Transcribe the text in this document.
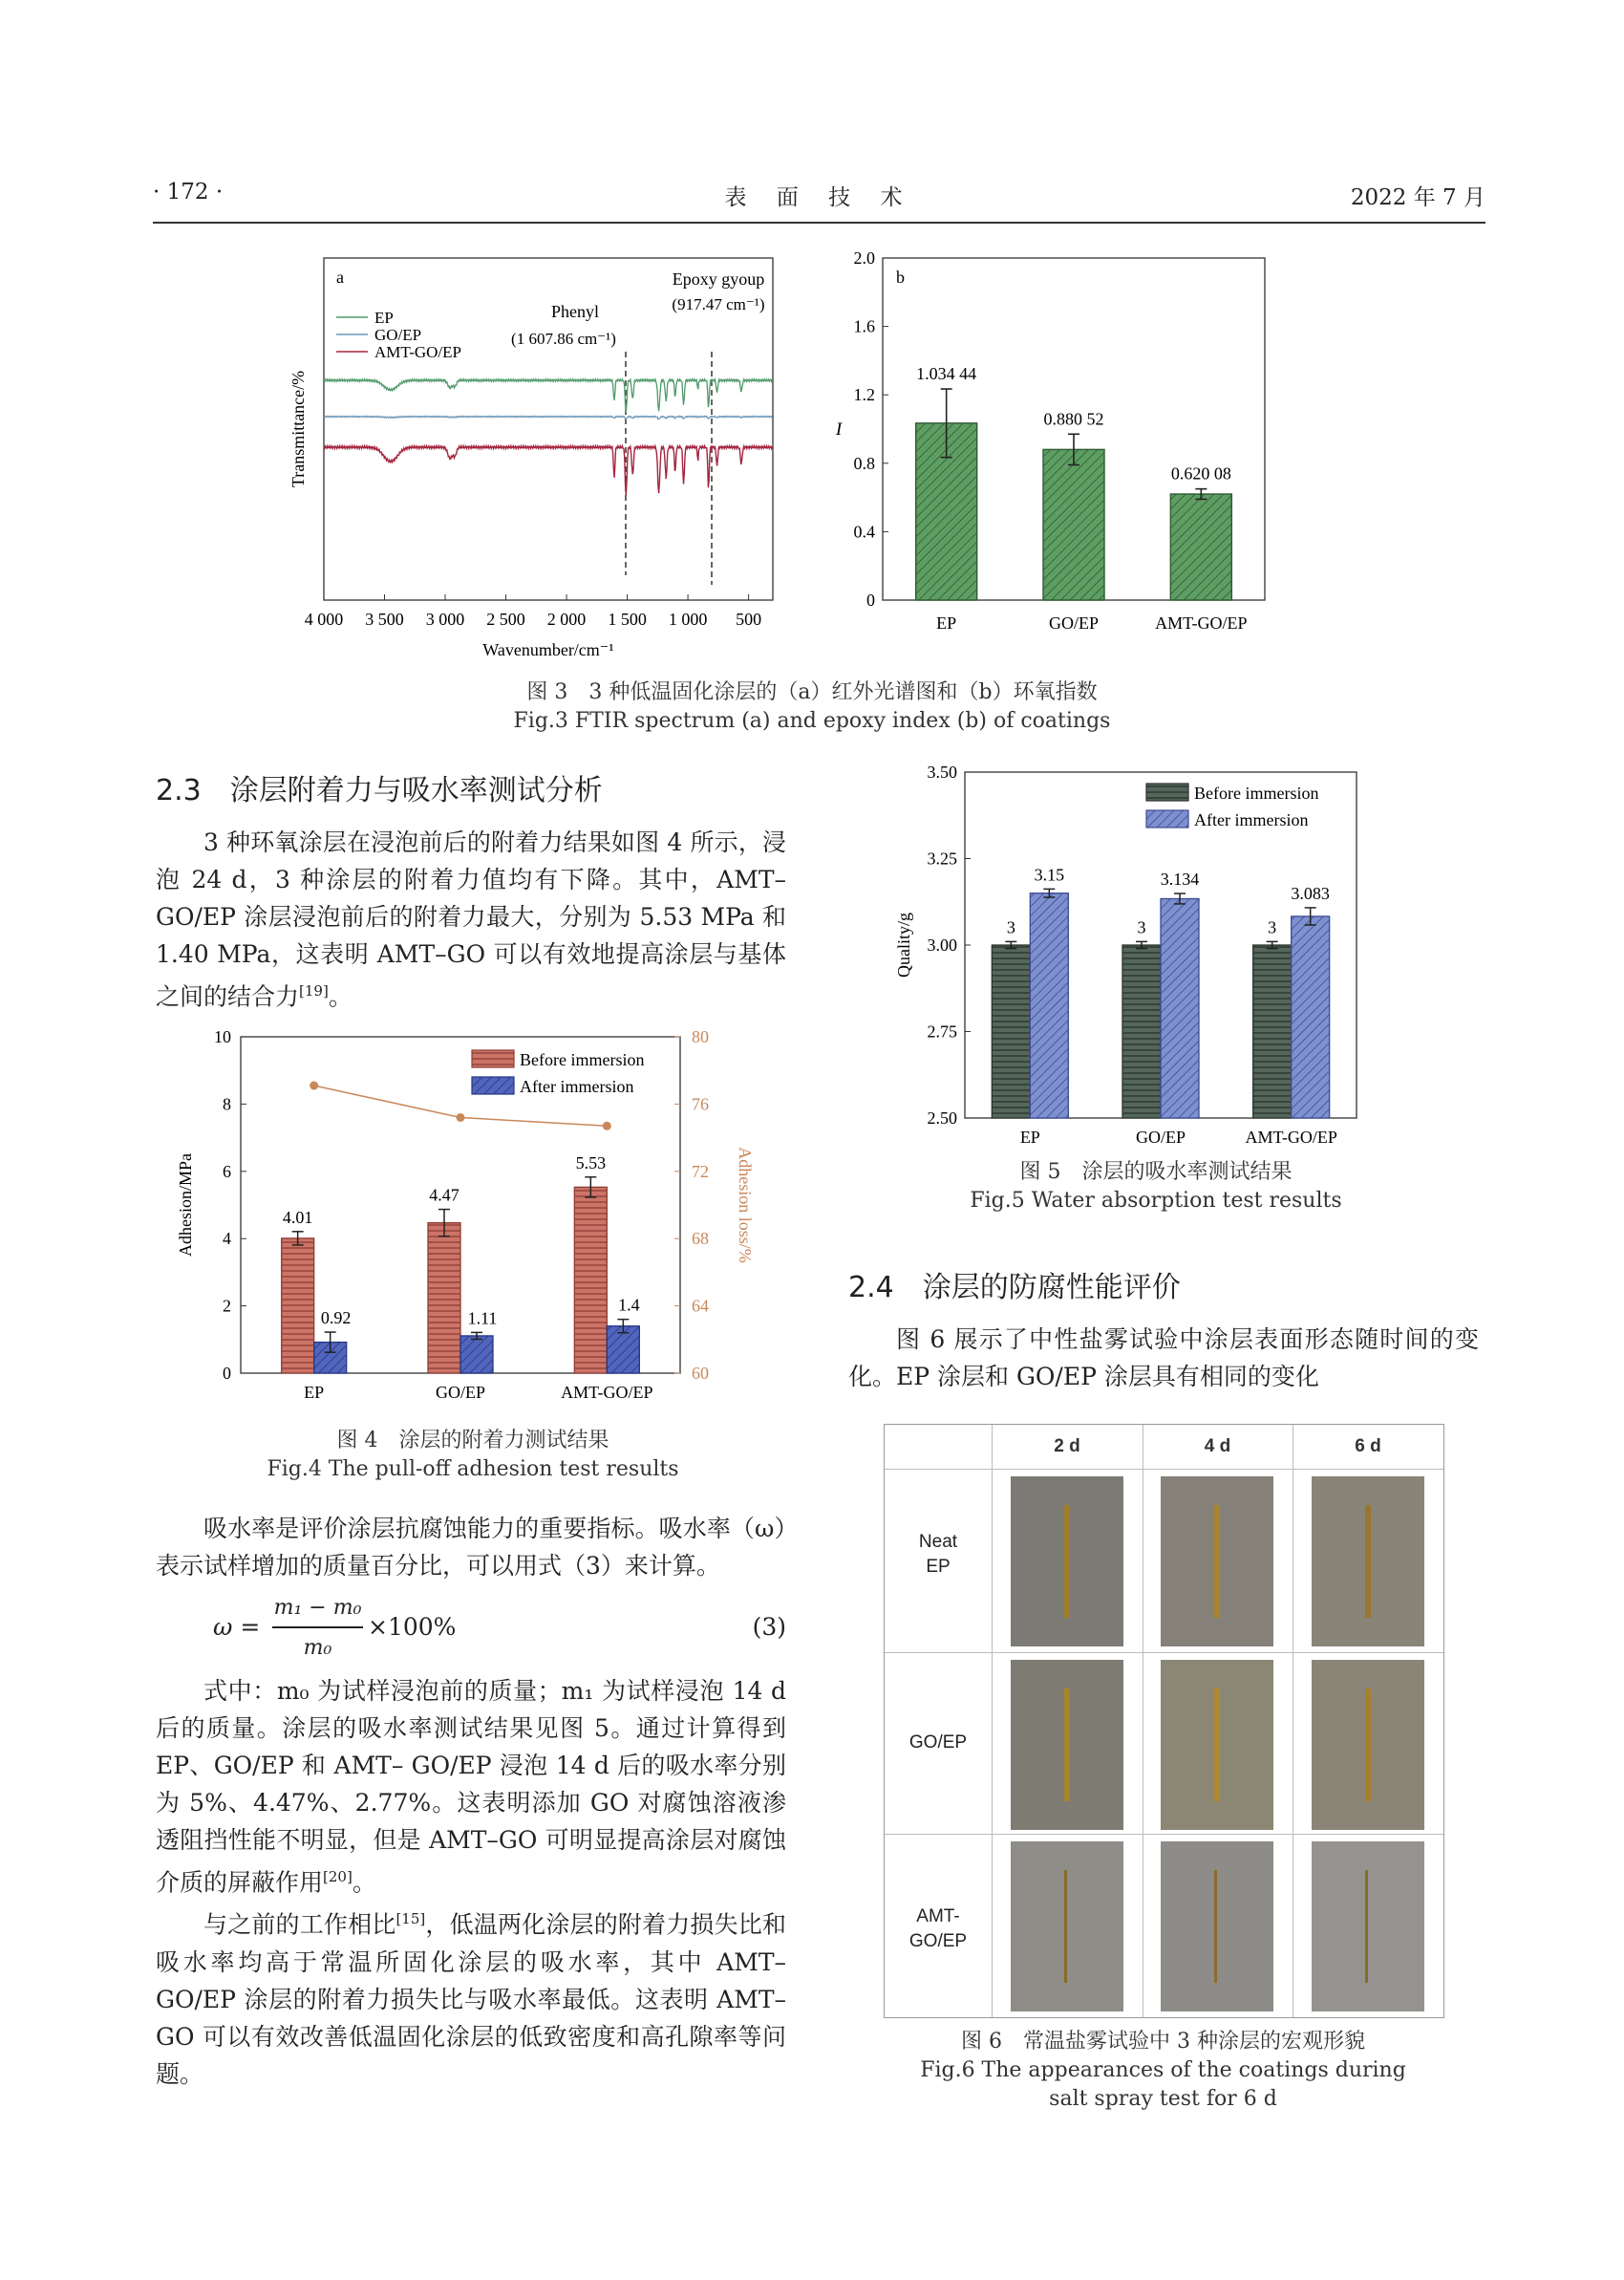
· 172 ·	表 面 技 术	2022 年 7 月
a
EP
GO/EP
AMT-GO/EP
Phenyl
(1 607.86 cm⁻¹)
Epoxy gyoup
(917.47 cm⁻¹)
4 000 3 500 3 000 2 500 2 000 1 500 1 000 500
Transmittance/%
Wavenumber/cm⁻¹
b
0
0.4
0.8
1.2
1.6
2.0
I
1.034 44
EP
0.880 52
GO/EP
0.620 08
AMT-GO/EP
图 3　3 种低温固化涂层的（a）红外光谱图和（b）环氧指数
Fig.3 FTIR spectrum (a) and epoxy index (b) of coatings
2.3　涂层附着力与吸水率测试分析

3 种环氧涂层在浸泡前后的附着力结果如图 4 所示，浸泡 24 d，3 种涂层的附着力值均有下降。其中，AMT–GO/EP 涂层浸泡前后的附着力最大，分别为 5.53 MPa 和 1.40 MPa，这表明 AMT–GO 可以有效地提高涂层与基体之间的结合力[19]。

0
2
4
6
8
10
60
64
68
72
76
80
Adhesion/MPa	Adhesion loss/%
4.01
0.92
EP
4.47
1.11
GO/EP
5.53
1.4
AMT-GO/EP
Before immersion
After immersion
图 4　涂层的附着力测试结果
Fig.4 The pull-off adhesion test results
2.50
2.75
3.00
3.25
3.50
Quality/g	3
3.15
EP
3
3.134
GO/EP
3
3.083
AMT-GO/EP
Before immersion
After immersion
图 5　涂层的吸水率测试结果
Fig.5 Water absorption test results

吸水率是评价涂层抗腐蚀能力的重要指标。吸水率（ω）表示试样增加的质量百分比，可以用式（3）来计算。

ω =
m₁ − m₀
m₀
×100%	(3)

式中：m₀ 为试样浸泡前的质量；m₁ 为试样浸泡 14 d 后的质量。涂层的吸水率测试结果见图 5。通过计算得到 EP、GO/EP 和 AMT– GO/EP 浸泡 14 d 后的吸水率分别为 5%、4.47%、2.77%。这表明添加 GO 对腐蚀溶液渗透阻挡性能不明显，但是 AMT–GO 可明显提高涂层对腐蚀介质的屏蔽作用[20]。

与之前的工作相比[15]，低温两化涂层的附着力损失比和吸水率均高于常温所固化涂层的吸水率，其中 AMT–GO/EP 涂层的附着力损失比与吸水率最低。这表明 AMT–GO 可以有效改善低温固化涂层的低致密度和高孔隙率等问题。

2.4　涂层的防腐性能评价

图 6 展示了中性盐雾试验中涂层表面形态随时间的变化。EP 涂层和 GO/EP 涂层具有相同的变化

2 d	4 d	6 d
Neat
EP
GO/EP
AMT-
GO/EP
图 6　常温盐雾试验中 3 种涂层的宏观形貌
Fig.6 The appearances of the coatings during
salt spray test for 6 d
